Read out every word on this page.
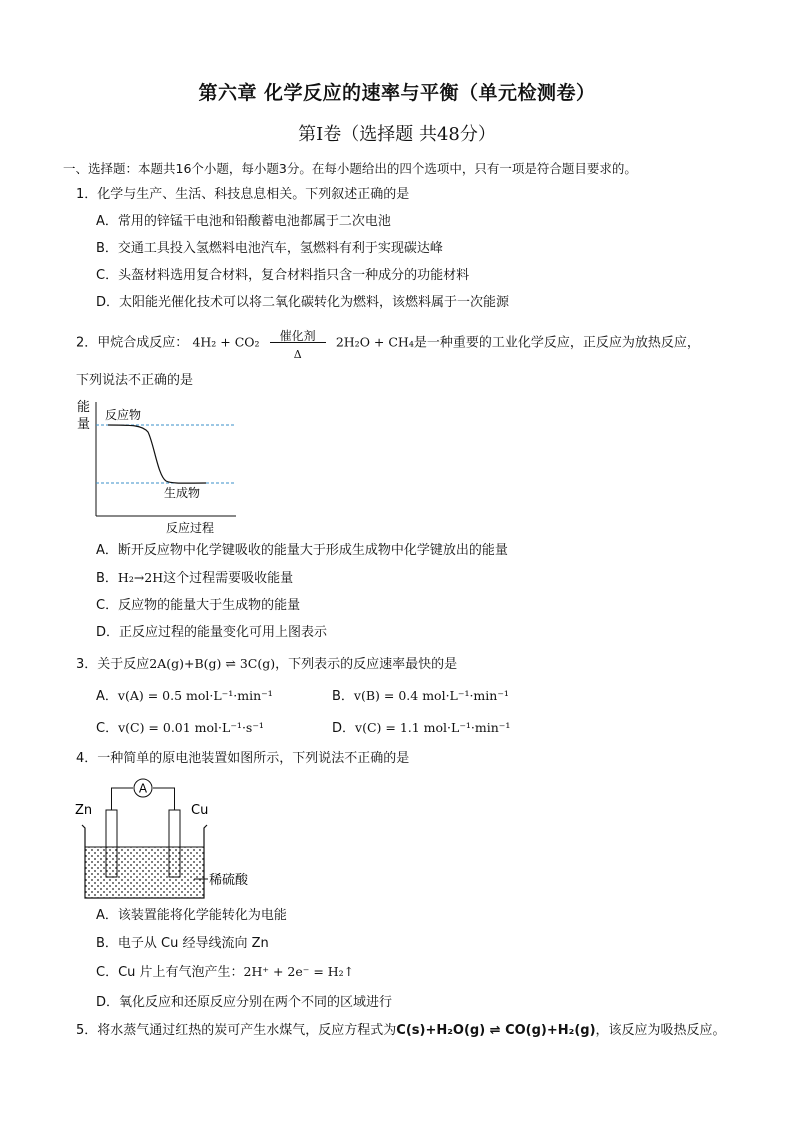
第六章 化学反应的速率与平衡（单元检测卷）
第Ⅰ卷（选择题 共48分）
一、选择题：本题共16个小题，每小题3分。在每小题给出的四个选项中，只有一项是符合题目要求的。
1．化学与生产、生活、科技息息相关。下列叙述正确的是
A．常用的锌锰干电池和铅酸蓄电池都属于二次电池
B．交通工具投入氢燃料电池汽车，氢燃料有利于实现碳达峰
C．头盔材料选用复合材料，复合材料指只含一种成分的功能材料
D．太阳能光催化技术可以将二氧化碳转化为燃料，该燃料属于一次能源
2．甲烷合成反应： 4H₂ + CO₂	催化剂
Δ
2H₂O + CH₄是一种重要的工业化学反应，正反应为放热反应，
下列说法不正确的是
能
量
反应物
生成物
反应过程
A．断开反应物中化学键吸收的能量大于形成生成物中化学键放出的能量
B．H₂→2H这个过程需要吸收能量
C．反应物的能量大于生成物的能量
D．正反应过程的能量变化可用上图表示
3．关于反应2A(g)+B(g) ⇌ 3C(g)，下列表示的反应速率最快的是
A．v(A) = 0.5 mol·L⁻¹·min⁻¹	B．v(B) = 0.4 mol·L⁻¹·min⁻¹
C．v(C) = 0.01 mol·L⁻¹·s⁻¹	D．v(C) = 1.1 mol·L⁻¹·min⁻¹
4．一种简单的原电池装置如图所示，下列说法不正确的是
A
Zn	Cu
稀硫酸
A．该装置能将化学能转化为电能
B．电子从 Cu 经导线流向 Zn
C．Cu 片上有气泡产生：2H⁺ + 2e⁻ = H₂↑
D．氧化反应和还原反应分别在两个不同的区域进行
5．将水蒸气通过红热的炭可产生水煤气，反应方程式为C(s)+H₂O(g) ⇌ CO(g)+H₂(g)，该反应为吸热反应。
